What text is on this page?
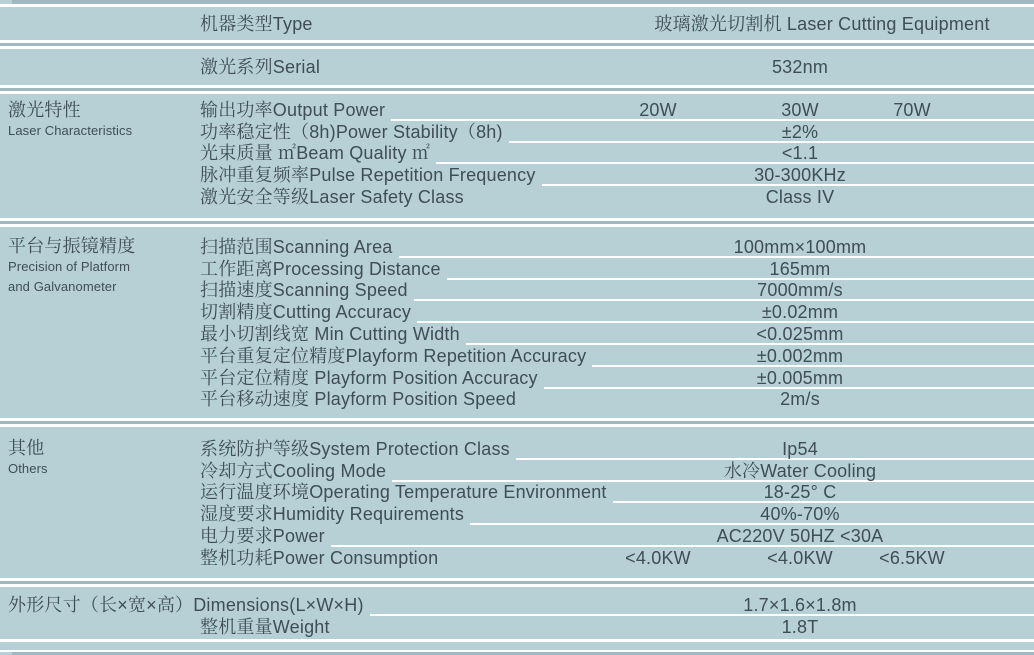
机器类型Type	玻璃激光切割机 Laser Cutting Equipment
激光系列Serial	532nm
激光特性
Laser Characteristics
输出功率Output Power	20W	30W	70W
功率稳定性（8h)Power Stability（8h)	±2%
光束质量 ㎡Beam Quality ㎡	<1.1
脉冲重复频率Pulse Repetition Frequency	30-300KHz
激光安全等级Laser Safety Class	Class IV
平台与振镜精度
Precision of Platform
and Galvanometer
扫描范围Scanning Area	100mm×100mm
工作距离Processing Distance	165mm
扫描速度Scanning Speed	7000mm/s
切割精度Cutting Accuracy	±0.02mm
最小切割线宽 Min Cutting Width	<0.025mm
平台重复定位精度Playform Repetition Accuracy	±0.002mm
平台定位精度 Playform Position Accuracy	±0.005mm
平台移动速度 Playform Position Speed	2m/s
其他
Others
系统防护等级System Protection Class	Ip54
冷却方式Cooling Mode	水冷Water Cooling
运行温度环境Operating Temperature Environment	18-25° C
湿度要求Humidity Requirements	40%-70%
电力要求Power	AC220V 50HZ <30A
整机功耗Power Consumption	<4.0KW	<4.0KW	<6.5KW
外形尺寸（长×宽×高）Dimensions(L×W×H)	1.7×1.6×1.8m
整机重量Weight	1.8T
